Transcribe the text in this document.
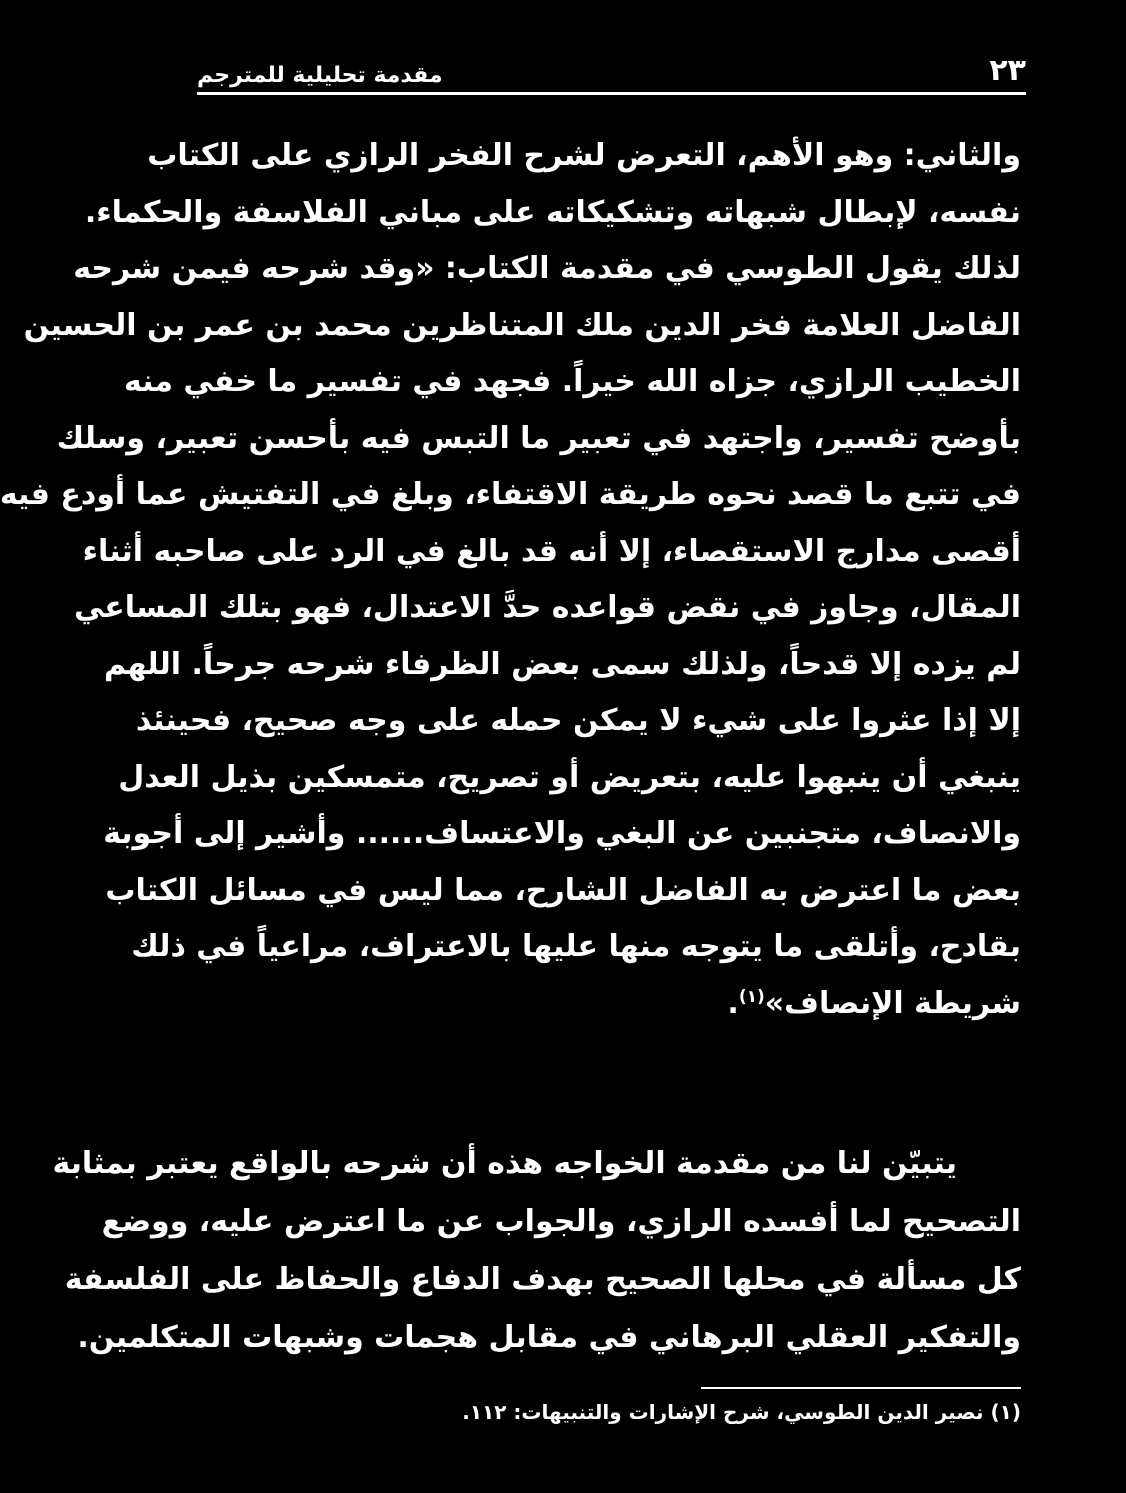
٢٣
مقدمة تحليلية للمترجم
والثاني: وهو الأهم، التعرض لشرح الفخر الرازي على الكتاب
نفسه، لإبطال شبهاته وتشكيكاته على مباني الفلاسفة والحكماء.
لذلك يقول الطوسي في مقدمة الكتاب: «وقد شرحه فيمن شرحه
الفاضل العلامة فخر الدين ملك المتناظرين محمد بن عمر بن الحسين
الخطيب الرازي، جزاه الله خيراً. فجهد في تفسير ما خفي منه
بأوضح تفسير، واجتهد في تعبير ما التبس فيه بأحسن تعبير، وسلك
في تتبع ما قصد نحوه طريقة الاقتفاء، وبلغ في التفتيش عما أودع فيه
أقصى مدارج الاستقصاء، إلا أنه قد بالغ في الرد على صاحبه أثناء
المقال، وجاوز في نقض قواعده حدَّ الاعتدال، فهو بتلك المساعي
لم يزده إلا قدحاً، ولذلك سمى بعض الظرفاء شرحه جرحاً. اللهم
إلا إذا عثروا على شيء لا يمكن حمله على وجه صحيح، فحينئذ
ينبغي أن ينبهوا عليه، بتعريض أو تصريح، متمسكين بذيل العدل
والانصاف، متجنبين عن البغي والاعتساف...... وأشير إلى أجوبة
بعض ما اعترض به الفاضل الشارح، مما ليس في مسائل الكتاب
بقادح، وأتلقى ما يتوجه منها عليها بالاعتراف، مراعياً في ذلك
شريطة الإنصاف»$^{(١)}$.
يتبيّن لنا من مقدمة الخواجه هذه أن شرحه بالواقع يعتبر بمثابة
التصحيح لما أفسده الرازي، والجواب عن ما اعترض عليه، ووضع
كل مسألة في محلها الصحيح بهدف الدفاع والحفاظ على الفلسفة
والتفكير العقلي البرهاني في مقابل هجمات وشبهات المتكلمين.
(١) نصير الدين الطوسي، شرح الإشارات والتنبيهات: ١١٢.
